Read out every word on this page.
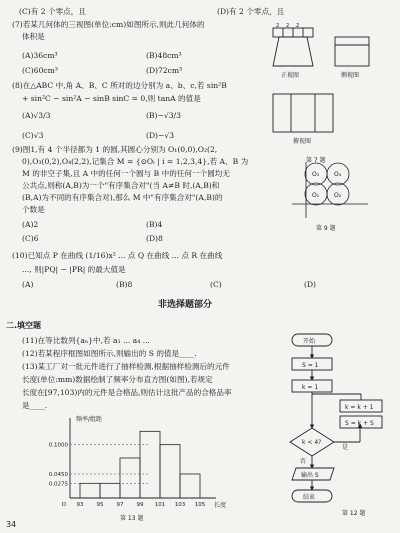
(C)有 2 个零点，且	(D)有 2 个零点，且
(7)若某几何体的三视图(单位:cm)如图所示,则此几何体的
体积是
(A)36cm³	(B)48cm³
(C)60cm³	(D)72cm³
2 2 2
正视图	侧视图
俯视图
第 7 题
(8)在△ABC 中,角 A、B、C 所对的边分别为 a、b、c,若 sin²B
+ sin²C − sin²A − sinB sinC = 0,则 tanA 的值是
(A)√3/3	(B)−√3/3
(C)√3	(D)−√3
(9)图1,有 4 个半径都为 1 的圆,其圆心分别为 O₁(0,0),O₂(2,
0),O₃(0,2),O₄(2,2),记集合 M = {⊙Oᵢ | i = 1,2,3,4},若 A、B 为
M 的非空子集,且 A 中的任何一个圆与 B 中的任何一个圆均无
公共点,则称(A,B)为一个"有序集合对"(当 A≠B 时,(A,B)和
(B,A)为不同的有序集合对),那么 M 中"有序集合对"(A,B)的
个数是
(A)2	(B)4
(C)6	(D)8
O₃ O₄
O₁ O₂
第 9 题
(10)已知点 P 在曲线 (1/16)x² ... 点 Q 在曲线 ... 点 R 在曲线
..., 则|PQ| − |PR| 的最大值是
(A)	(B)8	(C)	(D)
非选择题部分
二.填空题
(11)在等比数列{aₙ}中,若 a₁ ... a₄ ...
(12)若某程序框图如图所示,则输出的 S 的值是____.
(13)某工厂对一批元件进行了抽样检测,根据抽样检测后的元件
长度(单位:mm)数据绘制了频率分布直方图(如图),若规定
长度在[97,103)内的元件是合格品,则估计这批产品的合格品率
是____.
0.1000
0.0450
0.0275
93 95 97 99 101 103 105
O
频率/组距
长度
第 13 题
开始
S = 1
k = 1
k = k + 1
S = k + S
k < 4?
是
否
输出 S
结束
第 12 题
34
